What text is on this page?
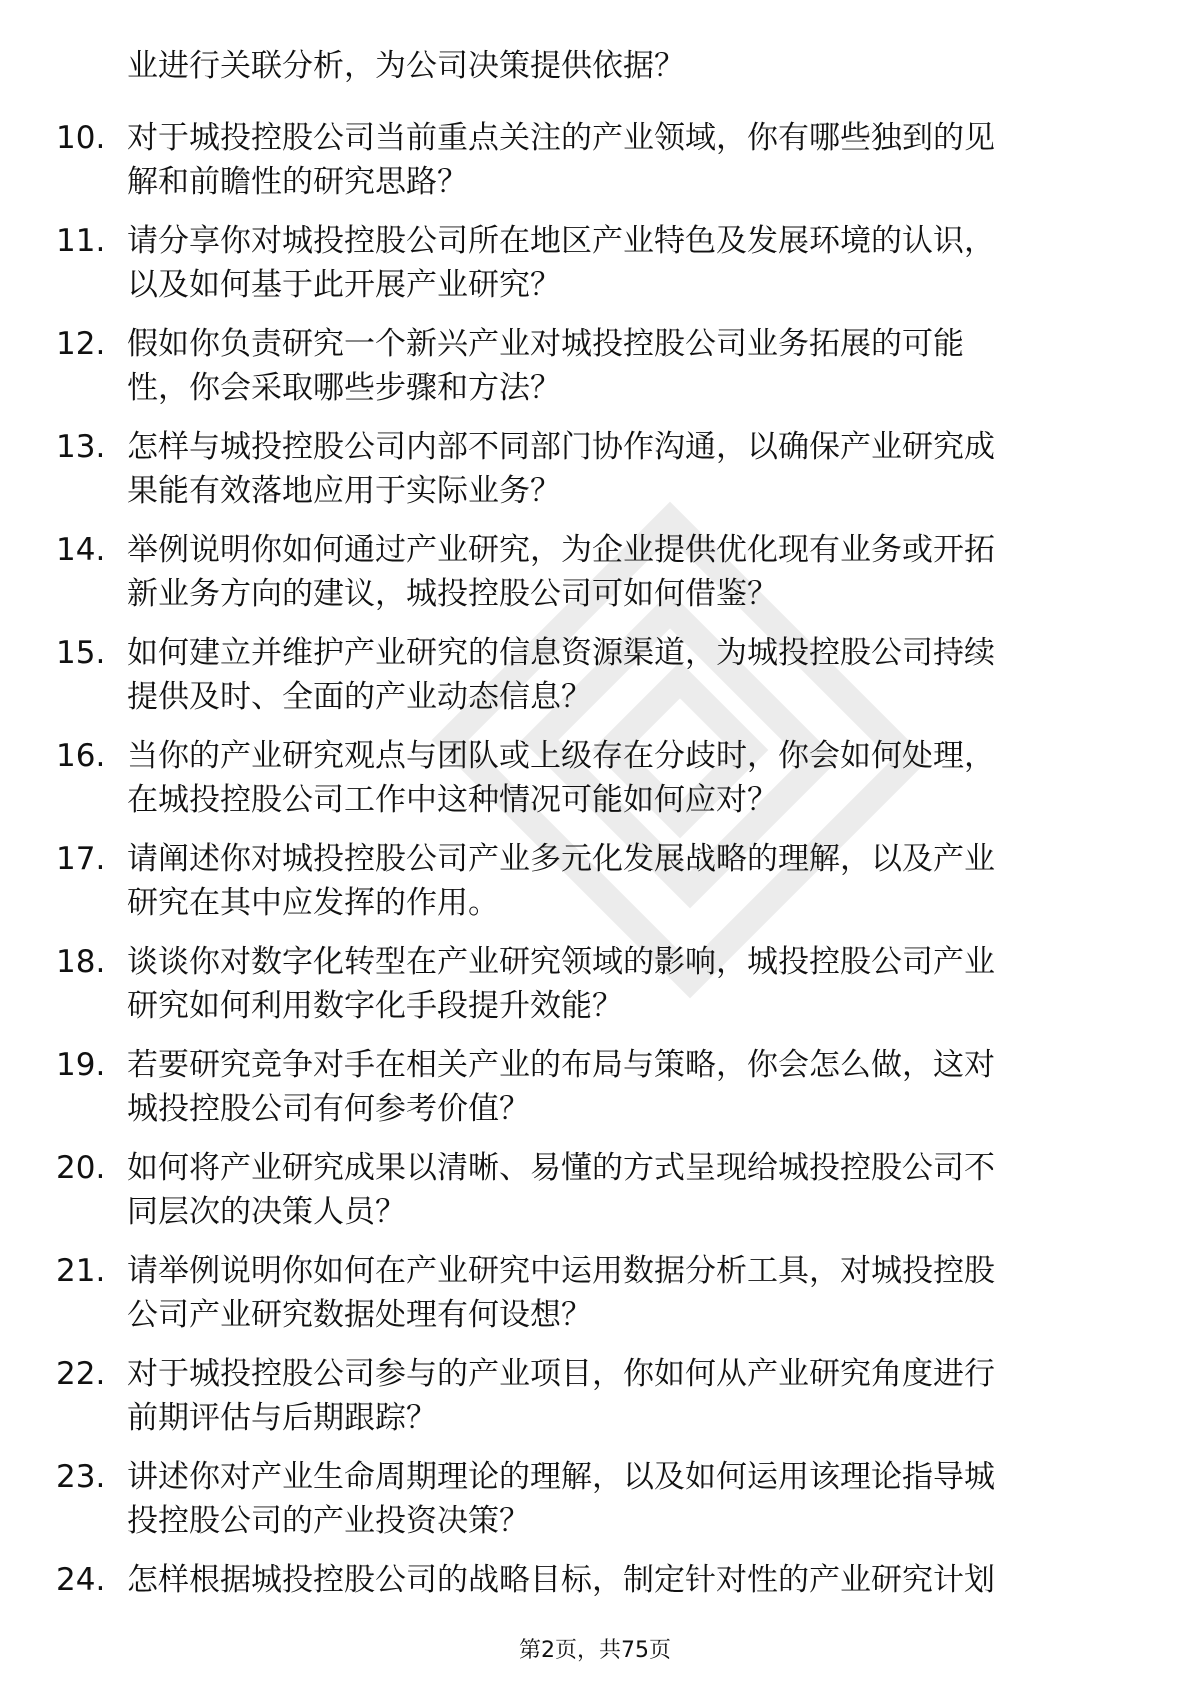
业进行关联分析，为公司决策提供依据？
10. 对于城投控股公司当前重点关注的产业领域，你有哪些独到的见
解和前瞻性的研究思路？
11. 请分享你对城投控股公司所在地区产业特色及发展环境的认识，
以及如何基于此开展产业研究？
12. 假如你负责研究一个新兴产业对城投控股公司业务拓展的可能
性，你会采取哪些步骤和方法？
13. 怎样与城投控股公司内部不同部门协作沟通，以确保产业研究成
果能有效落地应用于实际业务？
14. 举例说明你如何通过产业研究，为企业提供优化现有业务或开拓
新业务方向的建议，城投控股公司可如何借鉴？
15. 如何建立并维护产业研究的信息资源渠道，为城投控股公司持续
提供及时、全面的产业动态信息？
16. 当你的产业研究观点与团队或上级存在分歧时，你会如何处理，
在城投控股公司工作中这种情况可能如何应对？
17. 请阐述你对城投控股公司产业多元化发展战略的理解，以及产业
研究在其中应发挥的作用。
18. 谈谈你对数字化转型在产业研究领域的影响，城投控股公司产业
研究如何利用数字化手段提升效能？
19. 若要研究竞争对手在相关产业的布局与策略，你会怎么做，这对
城投控股公司有何参考价值？
20. 如何将产业研究成果以清晰、易懂的方式呈现给城投控股公司不
同层次的决策人员？
21. 请举例说明你如何在产业研究中运用数据分析工具，对城投控股
公司产业研究数据处理有何设想？
22. 对于城投控股公司参与的产业项目，你如何从产业研究角度进行
前期评估与后期跟踪？
23. 讲述你对产业生命周期理论的理解，以及如何运用该理论指导城
投控股公司的产业投资决策？
24. 怎样根据城投控股公司的战略目标，制定针对性的产业研究计划
第2页，共75页
